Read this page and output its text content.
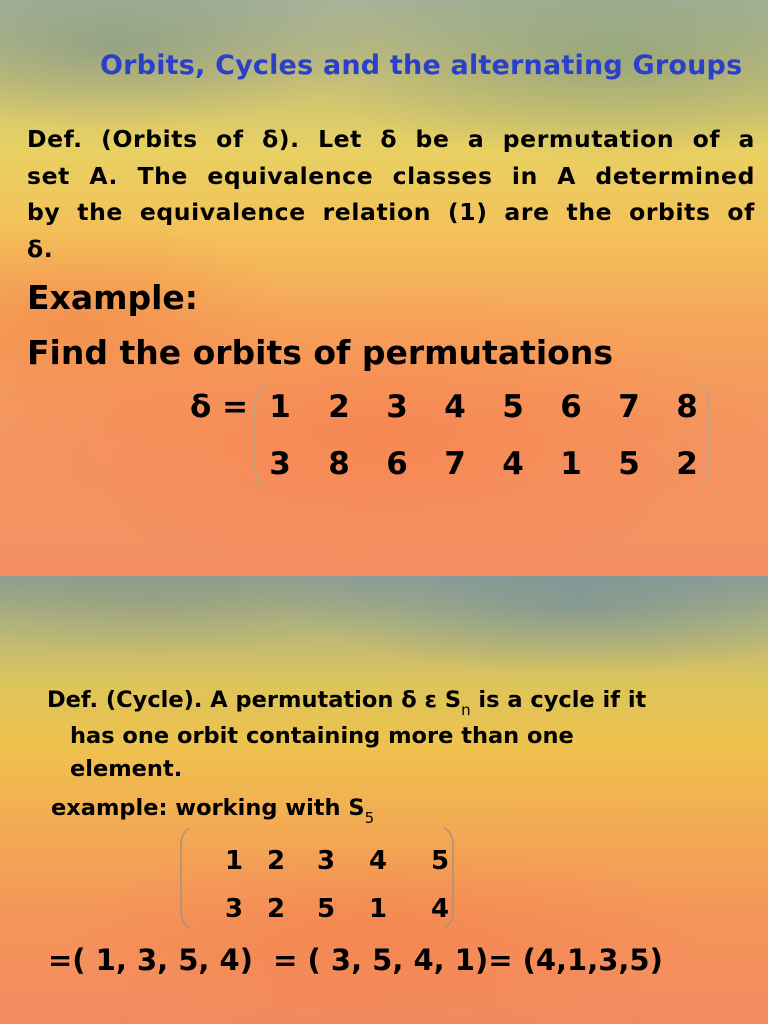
Orbits, Cycles and the alternating Groups
Def. (Orbits of δ). Let δ be a permutation of a
set A. The equivalence classes in A determined
by the equivalence relation (1) are the orbits of
δ.
Example:
Find the orbits of permutations
δ = 1 2 3 4 5 6 7 8
3 8 6 7 4 1 5 2
Def. (Cycle). A permutation δ ε $S_n$ is a cycle if it
has one orbit containing more than one
element.
example: working with $S_5$
1 2 3 4 5
3 2 5 1 4
=( 1, 3, 5, 4)  = ( 3, 5, 4, 1)= (4,1,3,5)
